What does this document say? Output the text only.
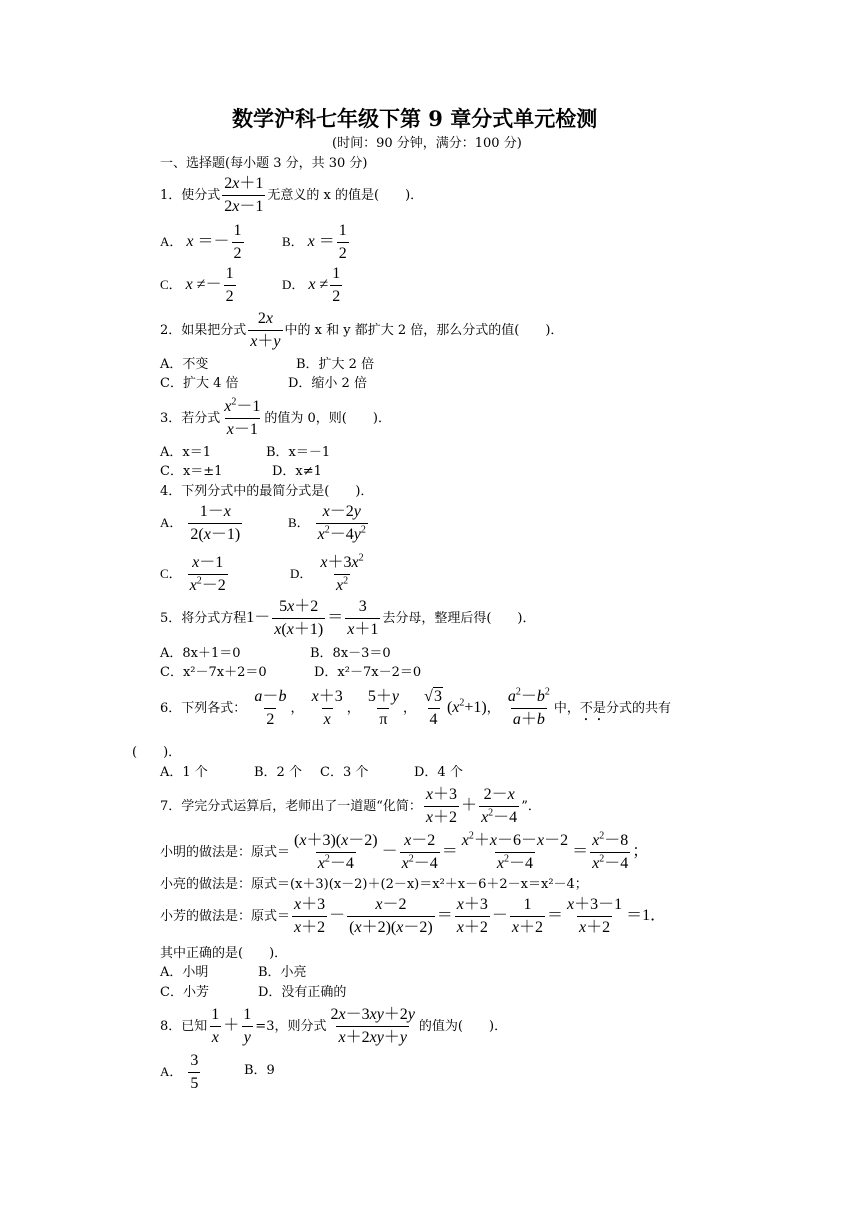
数学沪科七年级下第 9 章分式单元检测
(时间：90 分钟，满分：100 分)
一、选择题(每小题 3 分，共 30 分)
1．使分式 $\frac{2x+1}{2x-1}$ 无意义的 x 的值是(　　)．
A． $x =- \frac{1}{2}$	B． $x = \frac{1}{2}$
C． $x \ne- \frac{1}{2}$	D． $x \ne \frac{1}{2}$
2．如果把分式 $\frac{2x}{x+y}$ 中的 x 和 y 都扩大 2 倍，那么分式的值(　　)．
A．不变	B．扩大 2 倍
C．扩大 4 倍	D．缩小 2 倍
3．若分式 $\frac{x^2-1}{x-1}$ 的值为 0，则(　　)．
A．x＝1	B．x＝－1
C．x＝±1	D．x≠1
4．下列分式中的最简分式是(　　)．
A． $\frac{1-x}{2(x-1)}$	B． $\frac{x-2y}{x^2-4y^2}$
C． $\frac{x-1}{x^2-2}$	D． $\frac{x+3x^2}{x^2}$
5．将分式方程$1- \frac{5x+2}{x(x+1)} = \frac{3}{x+1}$ 去分母，整理后得(　　)．
A．8x＋1＝0	B．8x－3＝0
C．x²－7x＋2＝0	D．x²－7x－2＝0
6．下列各式： $\frac{a-b}{2}$ ， $\frac{x+3}{x}$ ， $\frac{5+y}{\pi}$ ， $\frac{√3}{4} (x^2+1)$， $\frac{a^2-b^2}{a+b}$ 中，不是分式的共有
(　　)．
A．1 个	B．2 个 C．3 个	D．4 个
7．学完分式运算后，老师出了一道题“化简： $\frac{x+3}{x+2} + \frac{2-x}{x^2-4}$ ”．
小明的做法是：原式＝ $\frac{(x+3)(x-2)}{x^2-4} - \frac{x-2}{x^2-4} = \frac{x^2+x-6-x-2}{x^2-4} = \frac{x^2-8}{x^2-4}$ ；
小亮的做法是：原式＝(x＋3)(x－2)＋(2－x)＝x²＋x－6＋2－x＝x²－4；
小芳的做法是：原式＝ $\frac{x+3}{x+2} - \frac{x-2}{(x+2)(x-2)} = \frac{x+3}{x+2} - \frac{1}{x+2} = \frac{x+3-1}{x+2} =1$．
其中正确的是(　　)．
A．小明	B．小亮
C．小芳	D．没有正确的
8．已知 $\frac{1}{x} + \frac{1}{y} =3$，则分式 $\frac{2x-3xy+2y}{x+2xy+y}$ 的值为(　　)．
A． $\frac{3}{5}$	B．9
